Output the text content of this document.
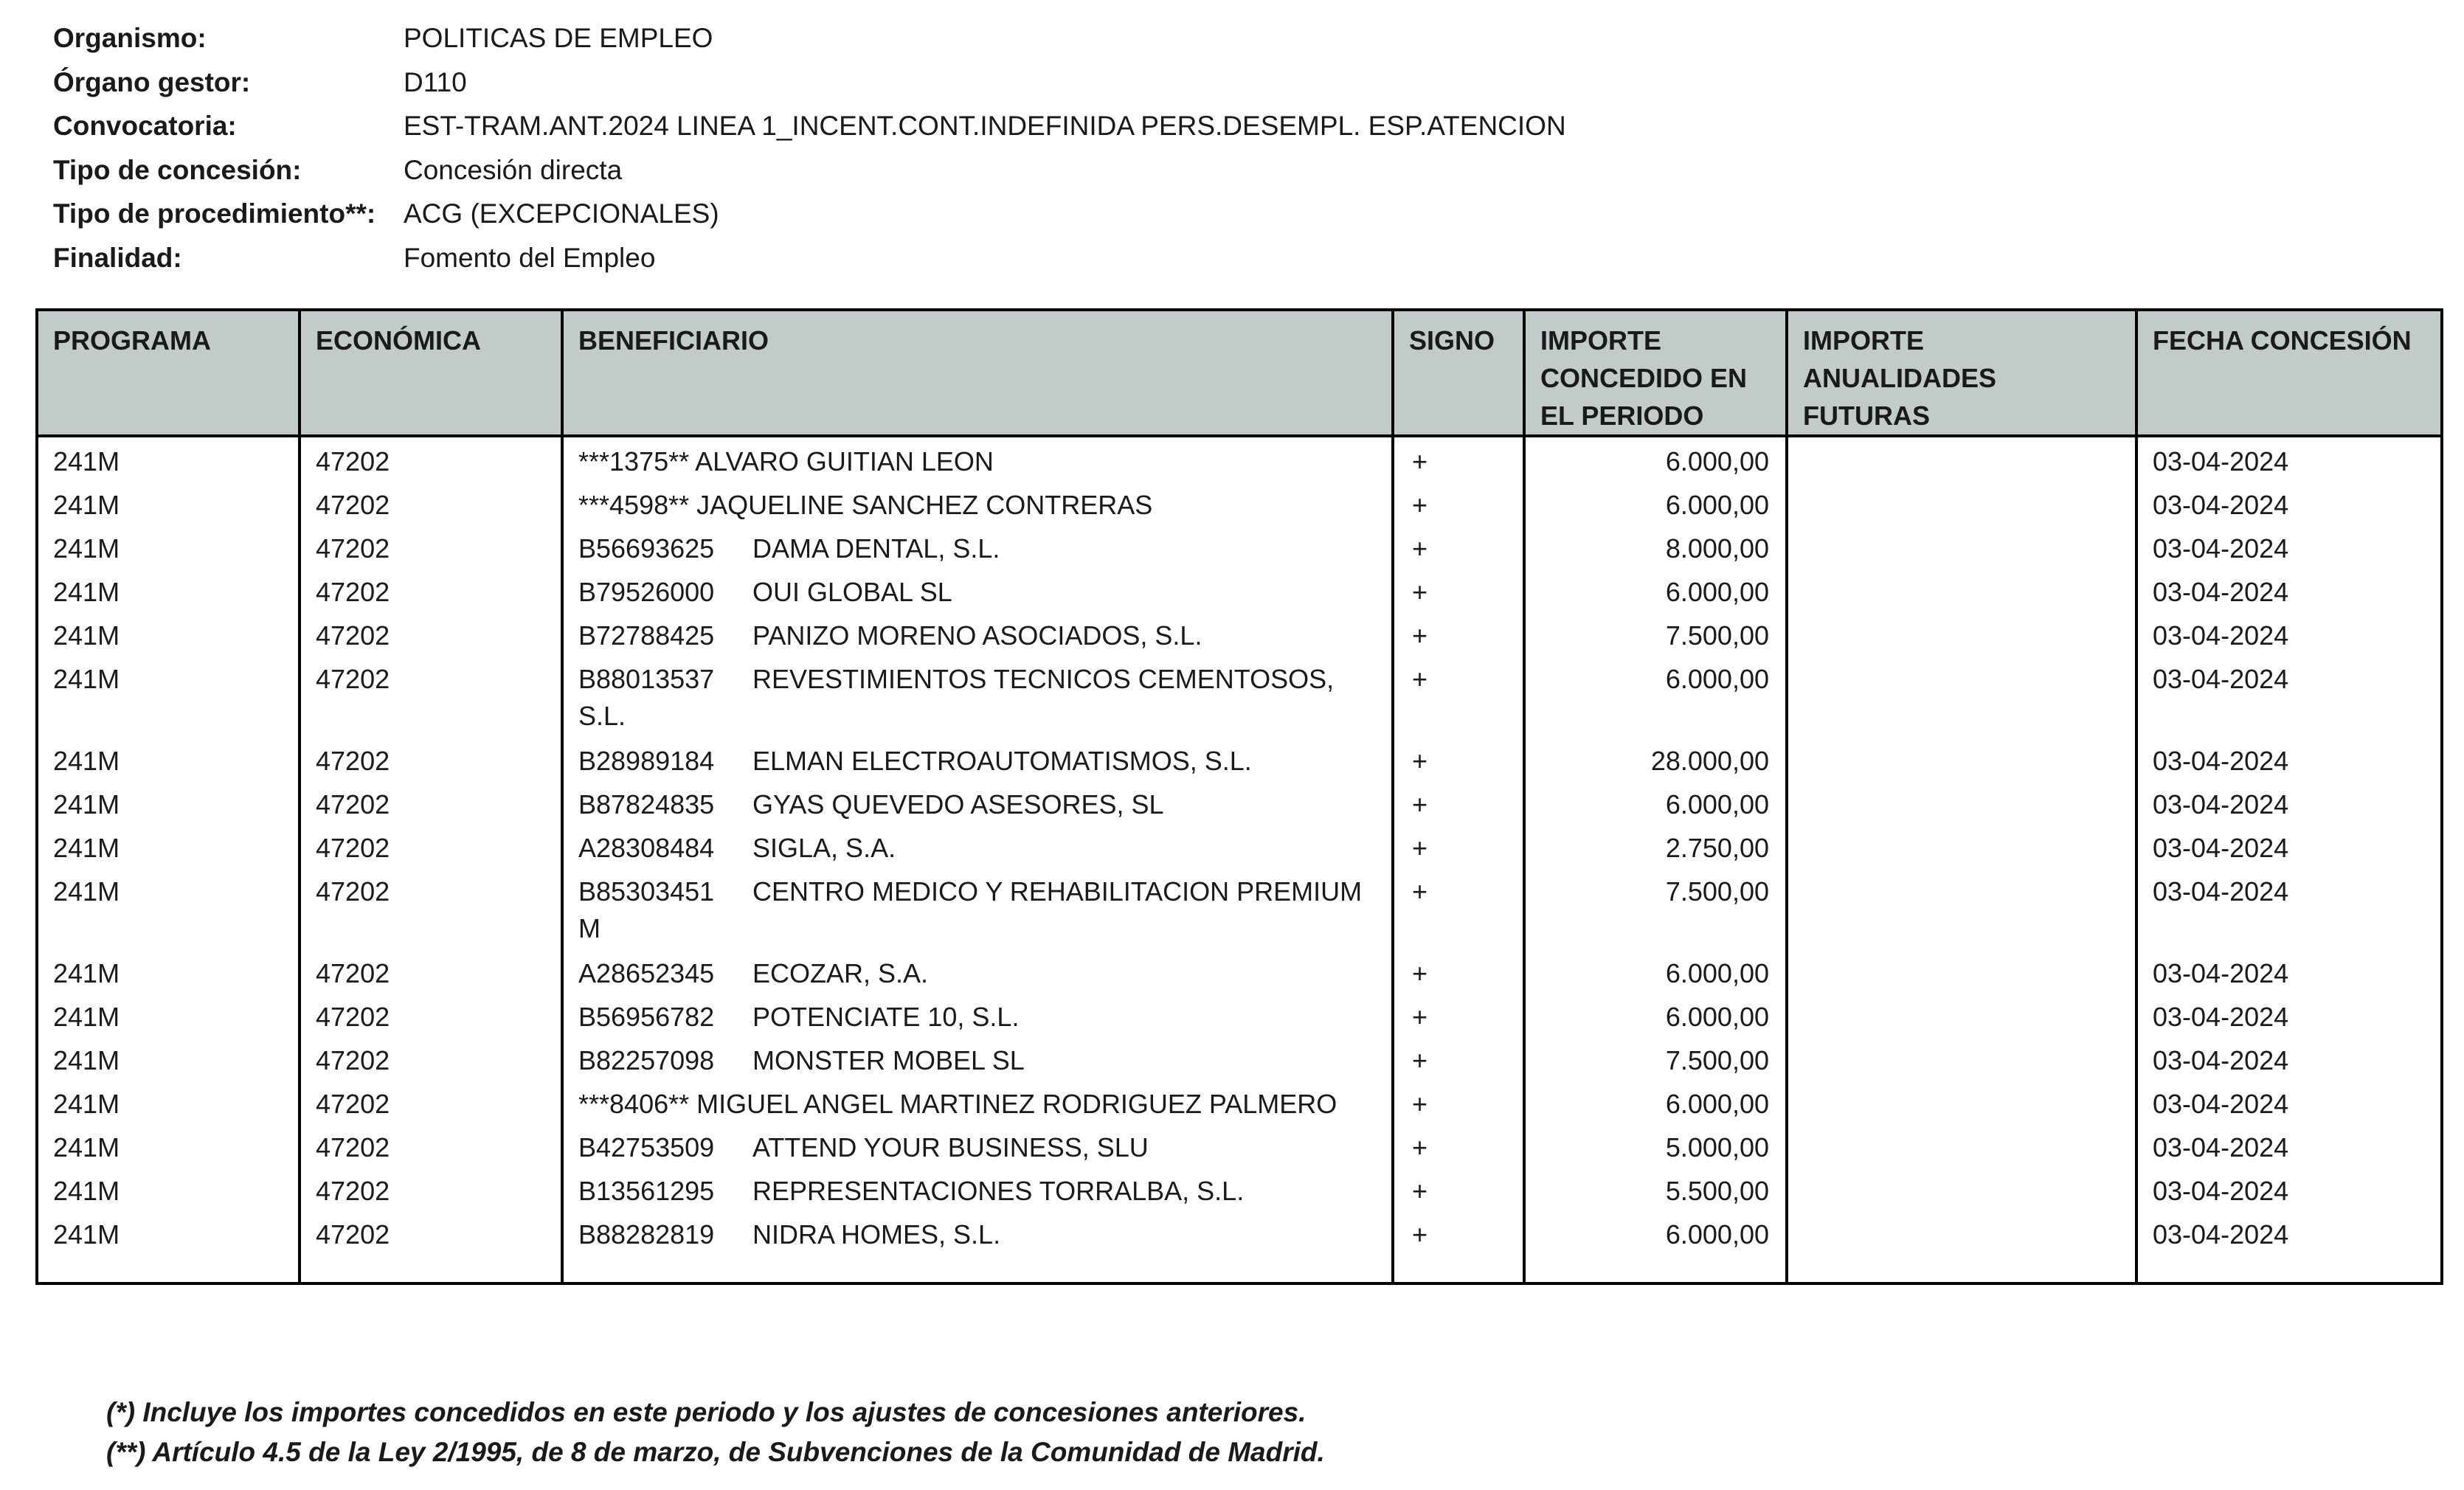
Organismo:	POLITICAS DE EMPLEO
Órgano gestor:	D110
Convocatoria:	EST-TRAM.ANT.2024 LINEA 1_INCENT.CONT.INDEFINIDA PERS.DESEMPL. ESP.ATENCION
Tipo de concesión:	Concesión directa
Tipo de procedimiento**:	ACG (EXCEPCIONALES)
Finalidad:	Fomento del Empleo
PROGRAMA	ECONÓMICA	BENEFICIARIO	SIGNO	IMPORTE CONCEDIDO EN EL PERIODO	IMPORTE ANUALIDADES FUTURAS	FECHA CONCESIÓN
241M	47202	***1375** ALVARO GUITIAN LEON	+	6.000,00		03-04-2024
241M	47202	***4598** JAQUELINE SANCHEZ CONTRERAS	+	6.000,00		03-04-2024
241M	47202	B56693625 DAMA DENTAL, S.L.	+	8.000,00		03-04-2024
241M	47202	B79526000 OUI GLOBAL SL	+	6.000,00		03-04-2024
241M	47202	B72788425 PANIZO MORENO ASOCIADOS, S.L.	+	7.500,00		03-04-2024
241M	47202	B88013537 REVESTIMIENTOS TECNICOS CEMENTOSOS, S.L.	+	6.000,00		03-04-2024
241M	47202	B28989184 ELMAN ELECTROAUTOMATISMOS, S.L.	+	28.000,00		03-04-2024
241M	47202	B87824835 GYAS QUEVEDO ASESORES, SL	+	6.000,00		03-04-2024
241M	47202	A28308484 SIGLA, S.A.	+	2.750,00		03-04-2024
241M	47202	B85303451 CENTRO MEDICO Y REHABILITACION PREMIUM M	+	7.500,00		03-04-2024
241M	47202	A28652345 ECOZAR, S.A.	+	6.000,00		03-04-2024
241M	47202	B56956782 POTENCIATE 10, S.L.	+	6.000,00		03-04-2024
241M	47202	B82257098 MONSTER MOBEL SL	+	7.500,00		03-04-2024
241M	47202	***8406** MIGUEL ANGEL MARTINEZ RODRIGUEZ PALMERO	+	6.000,00		03-04-2024
241M	47202	B42753509 ATTEND YOUR BUSINESS, SLU	+	5.000,00		03-04-2024
241M	47202	B13561295 REPRESENTACIONES TORRALBA, S.L.	+	5.500,00		03-04-2024
241M	47202	B88282819 NIDRA HOMES, S.L.	+	6.000,00		03-04-2024

(*) Incluye los importes concedidos en este periodo y los ajustes de concesiones anteriores.
(**) Artículo 4.5 de la Ley 2/1995, de 8 de marzo, de Subvenciones de la Comunidad de Madrid.
